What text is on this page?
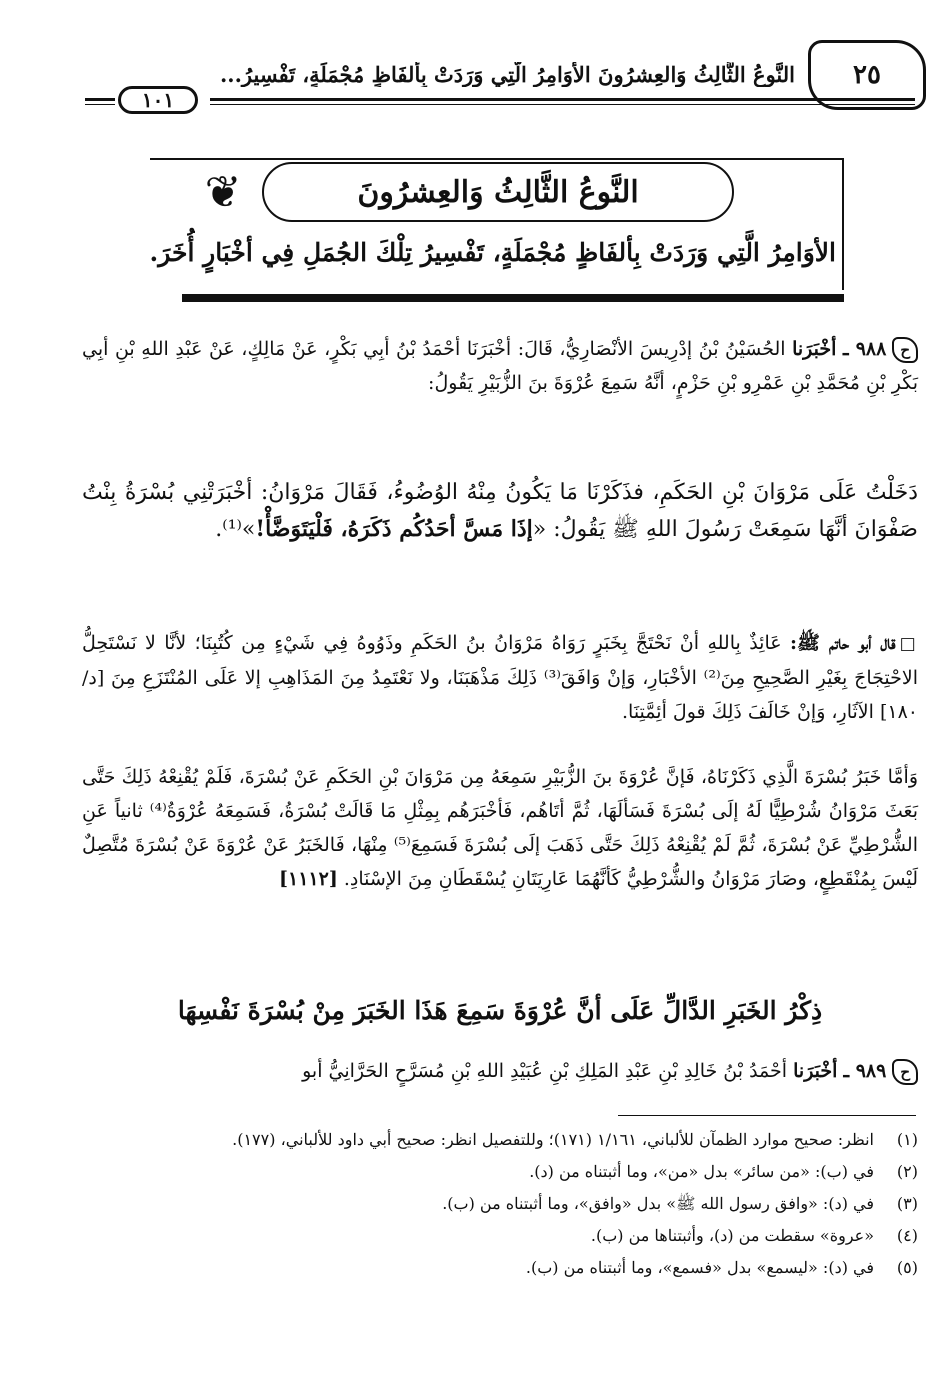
٢٥
النَّوعُ الثَّالِثُ وَالعِشرُونَ الأوَامِرُ الَّتِي وَرَدَتْ بِألفَاظٍ مُجْمَلَةٍ، تَفْسِيرُ...
١٠١
❦	النَّوعُ الثَّالِثُ وَالعِشرُونَ
الأوَامِرُ الَّتِي وَرَدَتْ بِألفَاظٍ مُجْمَلَةٍ، تَفْسِيرُ تِلْكَ الجُمَلِ فِي أخْبَارٍ أُخَرَ.

ح٩٨٨ ـ أخْبَرَنا الحُسَيْنُ بْنُ إدْرِيسَ الأنْصَارِيُّ، قَالَ: أخْبَرَنَا أحْمَدُ بْنُ أبِي بَكْرٍ، عَنْ مَالِكٍ، عَنْ عَبْدِ اللهِ بْنِ أبِي بَكْرِ بْنِ مُحَمَّدِ بْنِ عَمْرِو بْنِ حَزْمٍ، أنَّهُ سَمِعَ عُرْوَةَ بنَ الزُّبَيْرِ يَقُولُ:

دَخَلْتُ عَلَى مَرْوَانَ بْنِ الحَكَمِ، فذَكَرْنَا مَا يَكُونُ مِنْهُ الوُضُوءُ، فَقَالَ مَرْوَانُ: أخْبَرَتْنِي بُسْرَةُ بِنْتُ صَفْوَانَ أنَّهَا سَمِعَتْ رَسُولَ اللهِ ﷺ يَقُولُ: «إذَا مَسَّ أحَدُكُم ذَكَرَهُ، فَلْيَتَوَضَّأْ!»⁽¹⁾.

□قال أبو حاتم ﷺ: عَائِذٌ بِاللهِ أنْ نَحْتَجَّ بِخَبَرٍ رَوَاهُ مَرْوَانُ بنُ الحَكَمِ وذَوُوهُ فِي شَيْءٍ مِن كُتُبِنَا؛ لأنَّا لا نَسْتَحِلُّ الاحْتِجَاجَ بِغَيْرِ الصَّحِيحِ مِنَ⁽²⁾ الأخْبَارِ، وَإنْ وَافَقَ⁽³⁾ ذَلِكَ مَذْهَبَنَا، ولا نَعْتَمِدُ مِنَ المَذَاهِبِ إلا عَلَى المُنْتَزَعِ مِنَ [د/١٨٠] الآثَارِ، وَإنْ خَالَفَ ذَلِكَ قولَ أئِمَّتِنَا.

وَأمَّا خَبَرُ بُسْرَةَ الَّذِي ذَكَرْنَاهُ، فَإنَّ عُرْوَةَ بنَ الزُّبَيْرِ سَمِعَهُ مِن مَرْوَانَ بْنِ الحَكَمِ عَنْ بُسْرَةَ، فَلَمْ يُقْنِعْهُ ذَلِكَ حَتَّى بَعَثَ مَرْوَانُ شُرْطِيًّا لَهُ إلَى بُسْرَةَ فَسَألَهَا، ثُمَّ أتَاهُم، فَأخْبَرَهُم بِمِثْلِ مَا قَالَتْ بُسْرَةُ، فَسَمِعَهُ عُرْوَةُ⁽⁴⁾ ثانياً عَنِ الشُّرْطِيِّ عَنْ بُسْرَةَ، ثُمَّ لَمْ يُقْنِعْهُ ذَلِكَ حَتَّى ذَهَبَ إلَى بُسْرَةَ فَسَمِعَ⁽⁵⁾ مِنْهَا، فَالخَبَرُ عَنْ عُرْوَةَ عَنْ بُسْرَةَ مُتَّصِلٌ لَيْسَ بِمُنْقَطِعٍ، وصَارَ مَرْوَانُ والشُّرْطِيُّ كَأنَّهُمَا عَارِيَتَانِ يُسْقَطَانِ مِنَ الإسْنَادِ. [١١١٢]

ذِكْرُ الخَبَرِ الدَّالِّ عَلَى أنَّ عُرْوَةَ سَمِعَ هَذَا الخَبَرَ مِنْ بُسْرَةَ نَفْسِهَا

ح٩٨٩ ـ أخْبَرَنا أحْمَدُ بْنُ خَالِدِ بْنِ عَبْدِ المَلِكِ بْنِ عُبَيْدِ اللهِ بْنِ مُسَرَّحٍ الحَرَّانِيُّ أبو

(١)
انظر: صحيح موارد الظمآن للألباني، ١/١٦١ (١٧١)؛ وللتفصيل انظر: صحيح أبي داود للألباني، (١٧٧).
(٢)
في (ب): «من سائر» بدل «من»، وما أثبتناه من (د).
(٣)
في (د): «وافق رسول الله ﷺ» بدل «وافق»، وما أثبتناه من (ب).
(٤)
«عروة» سقطت من (د)، وأثبتناها من (ب).
(٥)
في (د): «ليسمع» بدل «فسمع»، وما أثبتناه من (ب).
